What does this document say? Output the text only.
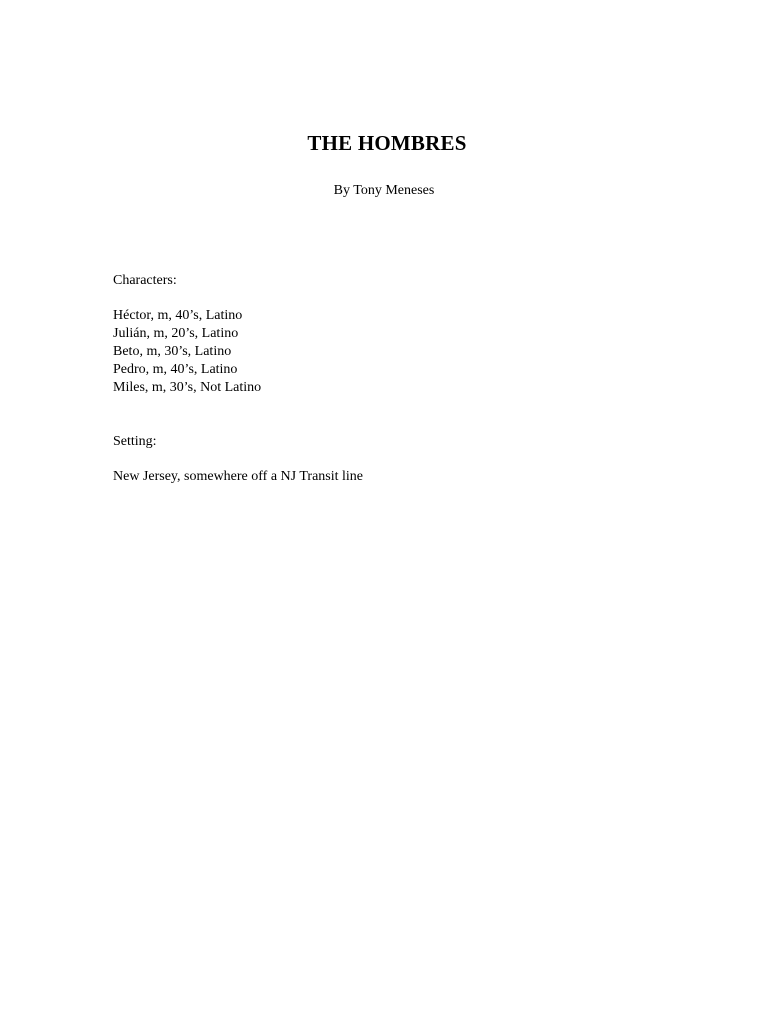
THE HOMBRES
By Tony Meneses
Characters:
Héctor, m, 40’s, Latino
Julián, m, 20’s, Latino
Beto, m, 30’s, Latino
Pedro, m, 40’s, Latino
Miles, m, 30’s, Not Latino
Setting:
New Jersey, somewhere off a NJ Transit line
